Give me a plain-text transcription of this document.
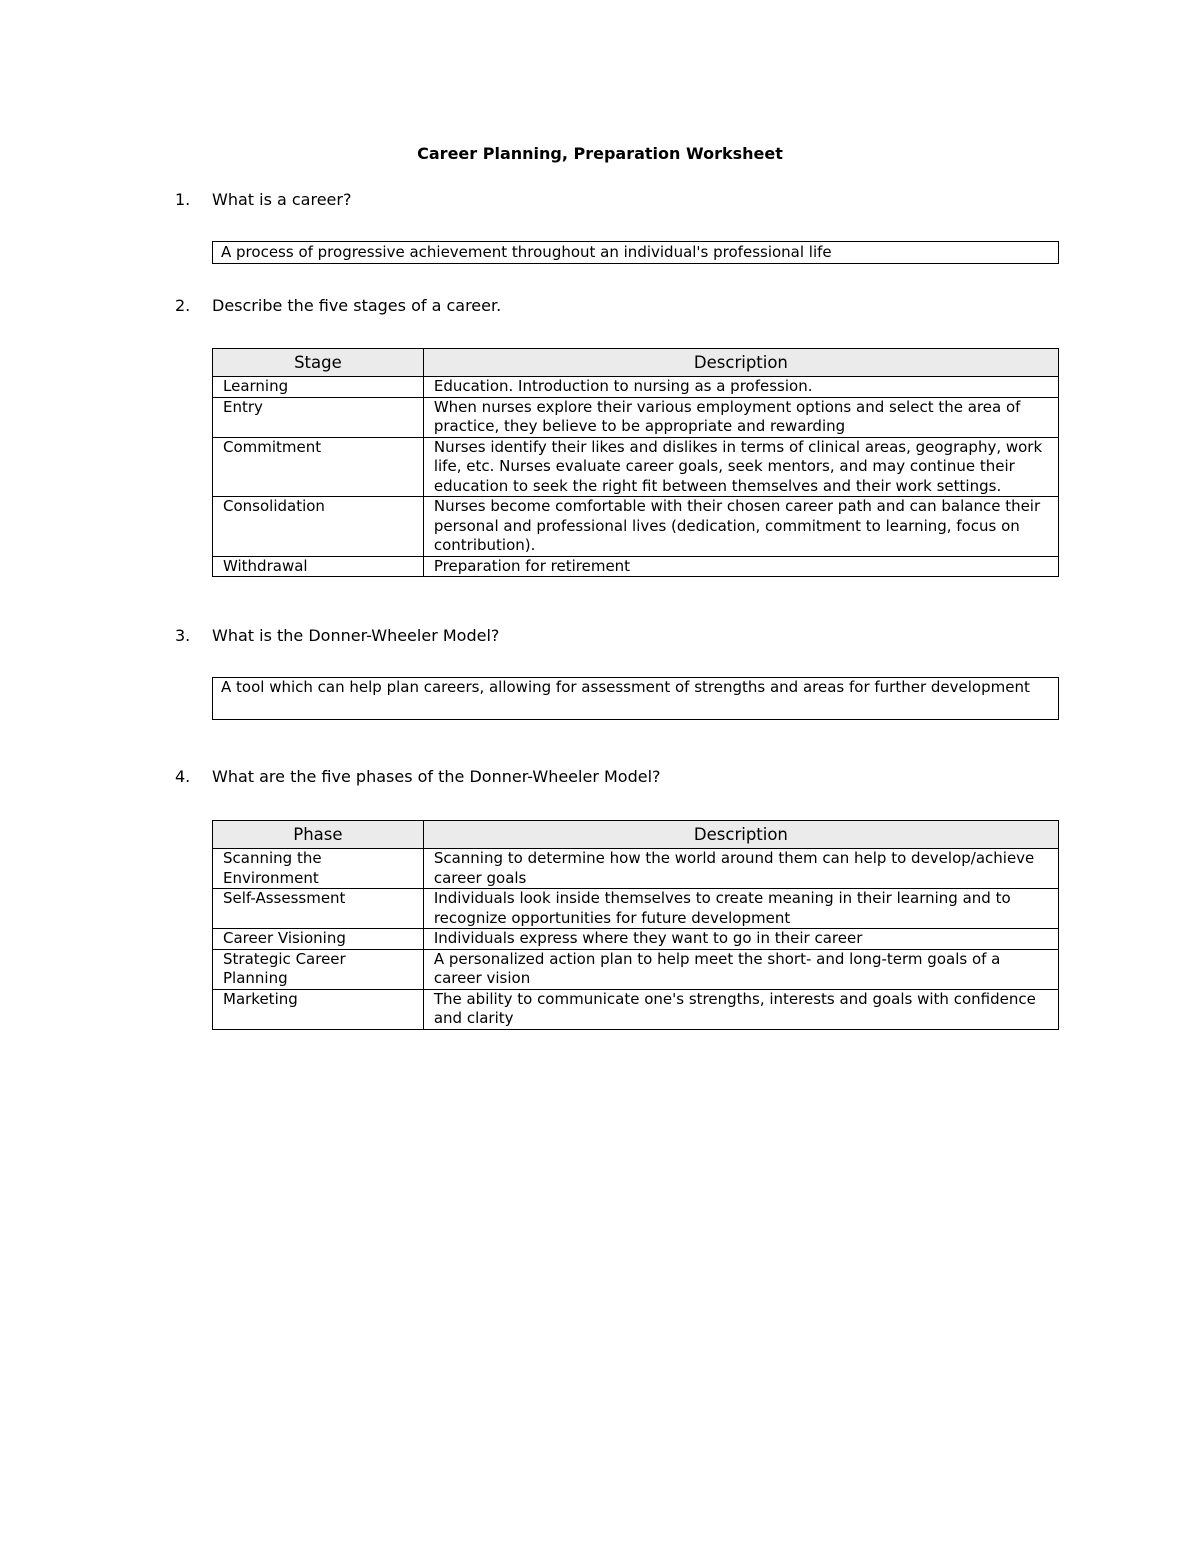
Career Planning, Preparation Worksheet
1. What is a career?
A process of progressive achievement throughout an individual's professional life
2. Describe the five stages of a career.
Stage	Description
Learning	Education. Introduction to nursing as a profession.
Entry	When nurses explore their various employment options and select the area of practice, they believe to be appropriate and rewarding
Commitment	Nurses identify their likes and dislikes in terms of clinical areas, geography, work life, etc. Nurses evaluate career goals, seek mentors, and may continue their education to seek the right fit between themselves and their work settings.
Consolidation	Nurses become comfortable with their chosen career path and can balance their personal and professional lives (dedication, commitment to learning, focus on contribution).
Withdrawal	Preparation for retirement
3. What is the Donner-Wheeler Model?
A tool which can help plan careers, allowing for assessment of strengths and areas for further development
4. What are the five phases of the Donner-Wheeler Model?
Phase	Description
Scanning the Environment	Scanning to determine how the world around them can help to develop/achieve career goals
Self-Assessment	Individuals look inside themselves to create meaning in their learning and to recognize opportunities for future development
Career Visioning	Individuals express where they want to go in their career
Strategic Career Planning	A personalized action plan to help meet the short- and long-term goals of a career vision
Marketing	The ability to communicate one's strengths, interests and goals with confidence and clarity
